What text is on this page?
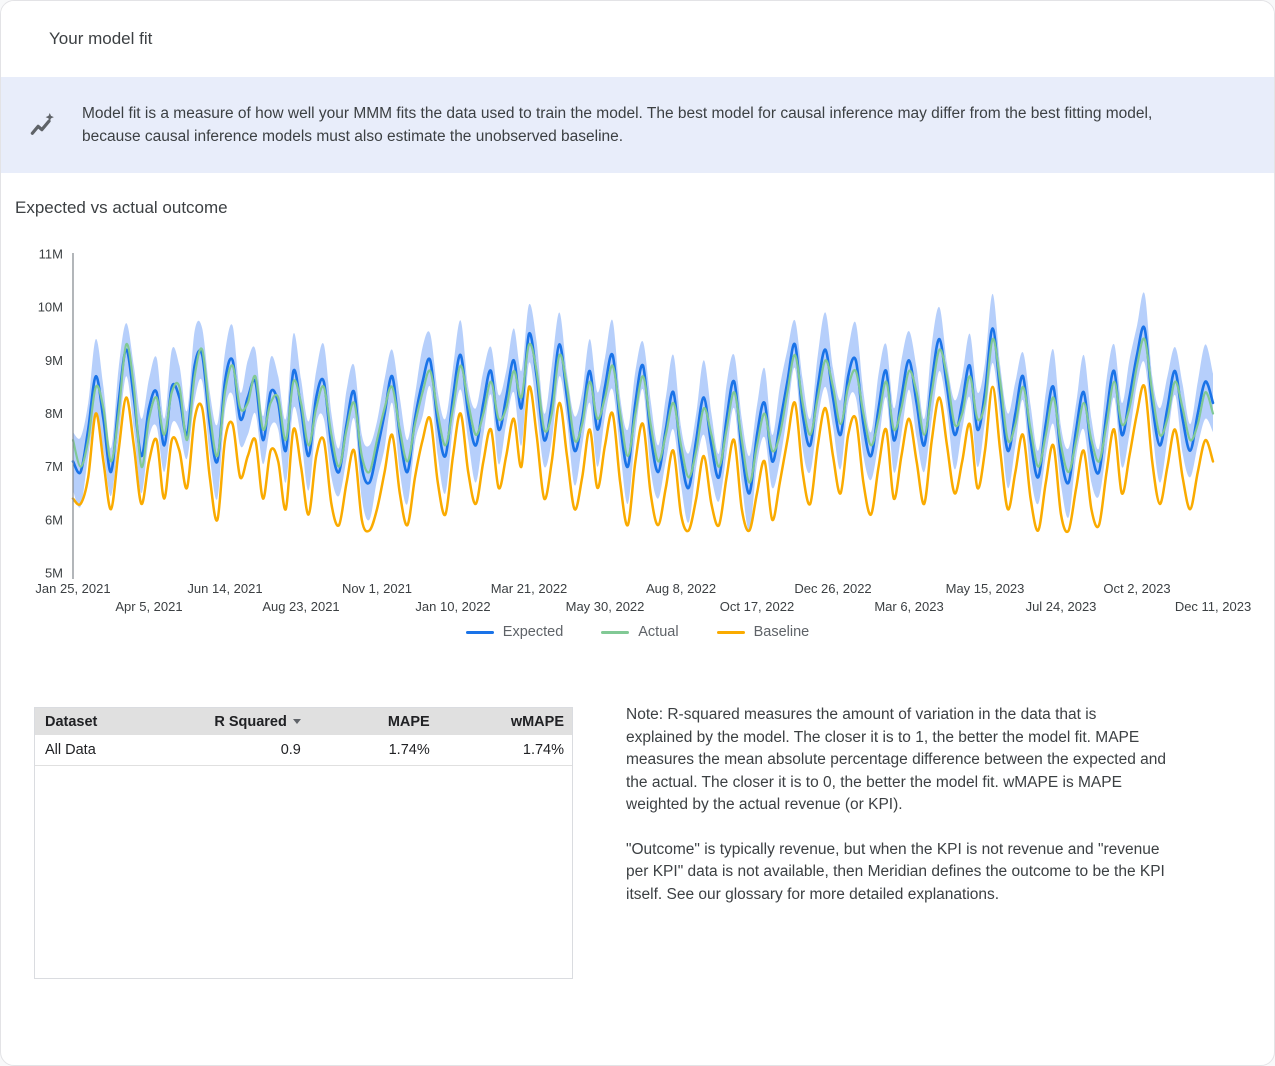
Your model fit
Model fit is a measure of how well your MMM fits the data used to train the model. The best model for causal inference may differ from the best fitting model, because causal inference models must also estimate the unobserved baseline.
Expected vs actual outcome
11M
10M
9M
8M
7M
6M
5M
Jan 25, 2021
Apr 5, 2021
Jun 14, 2021
Aug 23, 2021
Nov 1, 2021
Jan 10, 2022
Mar 21, 2022
May 30, 2022
Aug 8, 2022
Oct 17, 2022
Dec 26, 2022
Mar 6, 2023
May 15, 2023
Jul 24, 2023
Oct 2, 2023
Dec 11, 2023
Expected	Actual	Baseline
Dataset	R Squared	MAPE	wMAPE
All Data	0.9	1.74%	1.74%

Note: R-squared measures the amount of variation in the data that is explained by the model. The closer it is to 1, the better the model fit. MAPE measures the mean absolute percentage difference between the expected and the actual. The closer it is to 0, the better the model fit. wMAPE is MAPE weighted by the actual revenue (or KPI).

"Outcome" is typically revenue, but when the KPI is not revenue and "revenue per KPI" data is not available, then Meridian defines the outcome to be the KPI itself. See our glossary for more detailed explanations.
